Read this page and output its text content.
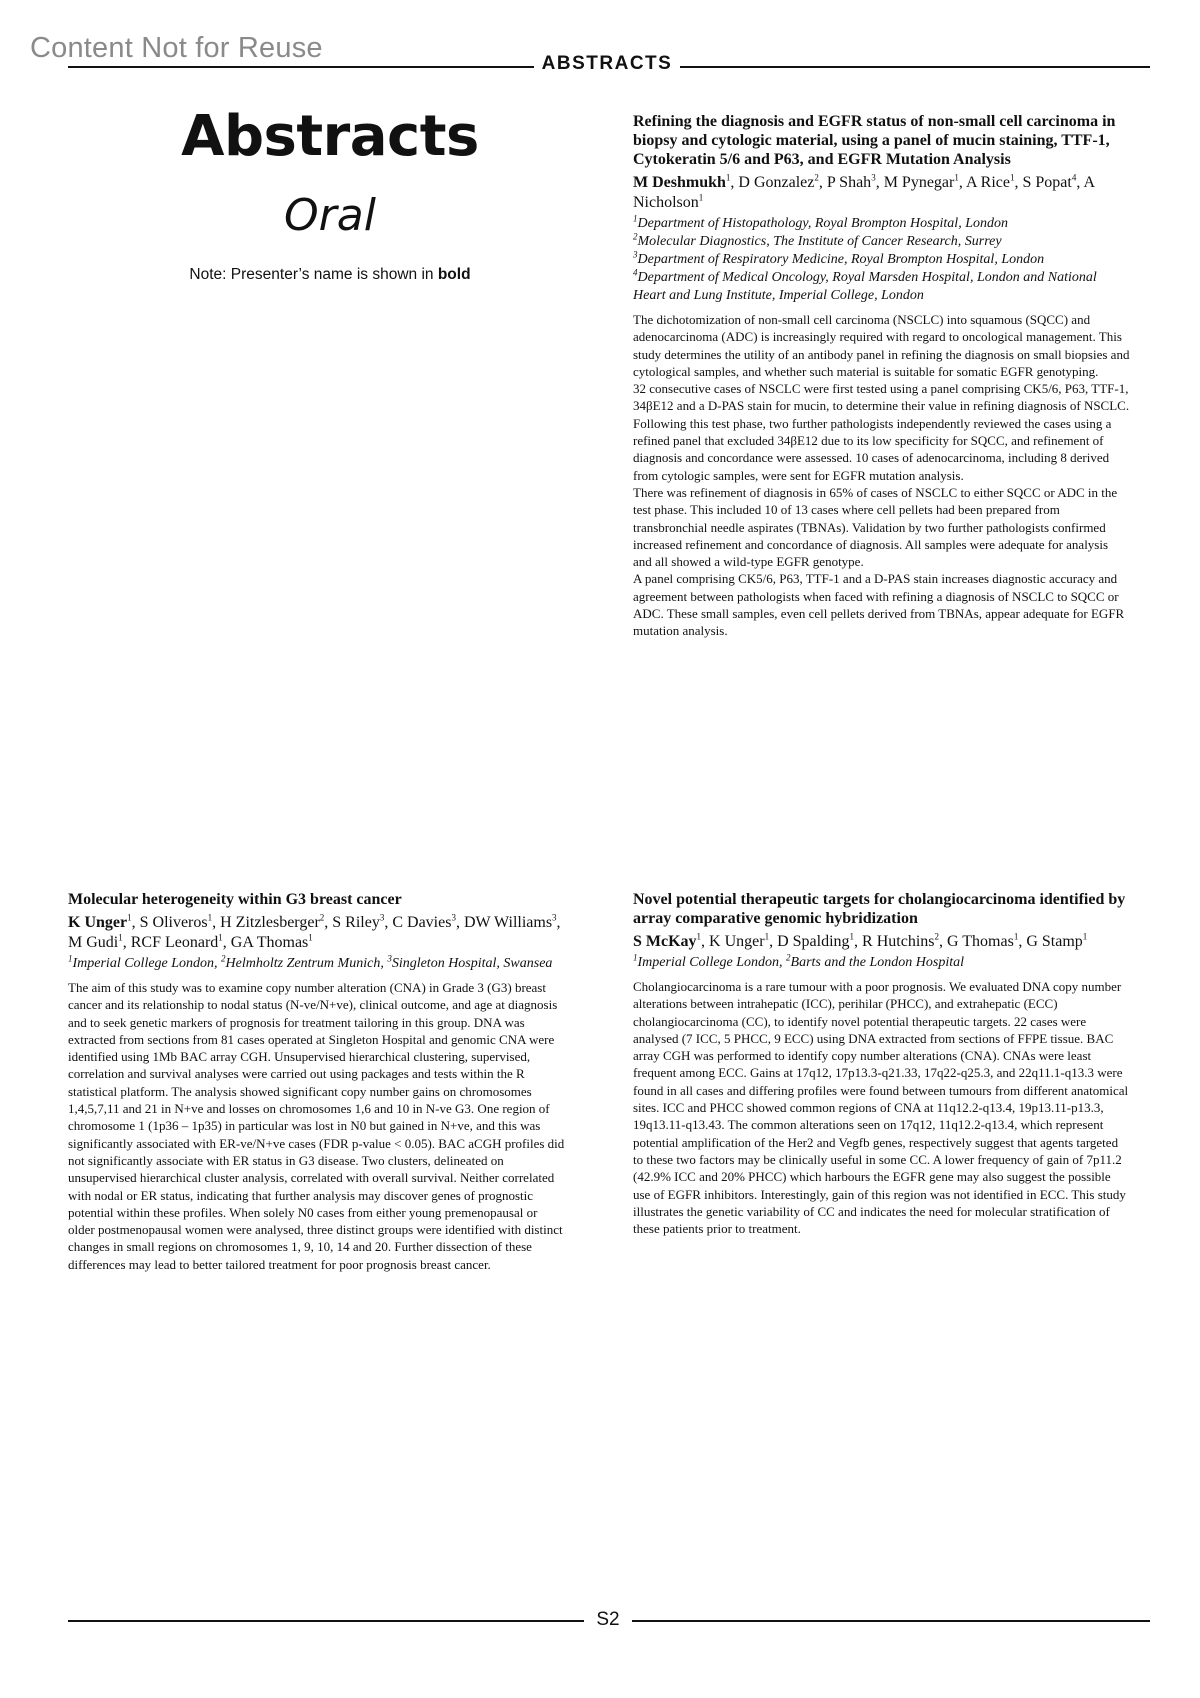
Content Not for Reuse	ABSTRACTS
Abstracts
Oral
Note: Presenter’s name is shown in bold
Refining the diagnosis and EGFR status of non-small cell carcinoma in biopsy and cytologic material, using a panel of mucin staining, TTF-1, Cytokeratin 5/6 and P63, and EGFR Mutation Analysis
M Deshmukh$^1$, D Gonzalez$^2$, P Shah$^3$, M Pynegar$^1$, A Rice$^1$, S Popat$^4$, A Nicholson$^1$
$^1$Department of Histopathology, Royal Brompton Hospital, London
$^2$Molecular Diagnostics, The Institute of Cancer Research, Surrey
$^3$Department of Respiratory Medicine, Royal Brompton Hospital, London
$^4$Department of Medical Oncology, Royal Marsden Hospital, London and National Heart and Lung Institute, Imperial College, London

The dichotomization of non-small cell carcinoma (NSCLC) into squamous (SQCC) and adenocarcinoma (ADC) is increasingly required with regard to oncological management. This study determines the utility of an antibody panel in refining the diagnosis on small biopsies and cytological samples, and whether such material is suitable for somatic EGFR genotyping.

32 consecutive cases of NSCLC were first tested using a panel comprising CK5/6, P63, TTF-1, 34βE12 and a D-PAS stain for mucin, to determine their value in refining diagnosis of NSCLC. Following this test phase, two further pathologists independently reviewed the cases using a refined panel that excluded 34βE12 due to its low specificity for SQCC, and refinement of diagnosis and concordance were assessed. 10 cases of adenocarcinoma, including 8 derived from cytologic samples, were sent for EGFR mutation analysis.

There was refinement of diagnosis in 65% of cases of NSCLC to either SQCC or ADC in the test phase. This included 10 of 13 cases where cell pellets had been prepared from transbronchial needle aspirates (TBNAs). Validation by two further pathologists confirmed increased refinement and concordance of diagnosis. All samples were adequate for analysis and all showed a wild-type EGFR genotype.

A panel comprising CK5/6, P63, TTF-1 and a D-PAS stain increases diagnostic accuracy and agreement between pathologists when faced with refining a diagnosis of NSCLC to SQCC or ADC. These small samples, even cell pellets derived from TBNAs, appear adequate for EGFR mutation analysis.

Molecular heterogeneity within G3 breast cancer
K Unger$^1$, S Oliveros$^1$, H Zitzlesberger$^2$, S Riley$^3$, C Davies$^3$, DW Williams$^3$, M Gudi$^1$, RCF Leonard$^1$, GA Thomas$^1$
$^1$Imperial College London, $^2$Helmholtz Zentrum Munich, $^3$Singleton Hospital, Swansea

The aim of this study was to examine copy number alteration (CNA) in Grade 3 (G3) breast cancer and its relationship to nodal status (N-ve/N+ve), clinical outcome, and age at diagnosis and to seek genetic markers of prognosis for treatment tailoring in this group. DNA was extracted from sections from 81 cases operated at Singleton Hospital and genomic CNA were identified using 1Mb BAC array CGH. Unsupervised hierarchical clustering, supervised, correlation and survival analyses were carried out using packages and tests within the R statistical platform. The analysis showed significant copy number gains on chromosomes 1,4,5,7,11 and 21 in N+ve and losses on chromosomes 1,6 and 10 in N-ve G3. One region of chromosome 1 (1p36 – 1p35) in particular was lost in N0 but gained in N+ve, and this was significantly associated with ER-ve/N+ve cases (FDR p-value < 0.05). BAC aCGH profiles did not significantly associate with ER status in G3 disease. Two clusters, delineated on unsupervised hierarchical cluster analysis, correlated with overall survival. Neither correlated with nodal or ER status, indicating that further analysis may discover genes of prognostic potential within these profiles. When solely N0 cases from either young premenopausal or older postmenopausal women were analysed, three distinct groups were identified with distinct changes in small regions on chromosomes 1, 9, 10, 14 and 20. Further dissection of these differences may lead to better tailored treatment for poor prognosis breast cancer.

Novel potential therapeutic targets for cholangiocarcinoma identified by array comparative genomic hybridization
S McKay$^1$, K Unger$^1$, D Spalding$^1$, R Hutchins$^2$, G Thomas$^1$, G Stamp$^1$
$^1$Imperial College London, $^2$Barts and the London Hospital

Cholangiocarcinoma is a rare tumour with a poor prognosis. We evaluated DNA copy number alterations between intrahepatic (ICC), perihilar (PHCC), and extrahepatic (ECC) cholangiocarcinoma (CC), to identify novel potential therapeutic targets. 22 cases were analysed (7 ICC, 5 PHCC, 9 ECC) using DNA extracted from sections of FFPE tissue. BAC array CGH was performed to identify copy number alterations (CNA). CNAs were least frequent among ECC. Gains at 17q12, 17p13.3-q21.33, 17q22-q25.3, and 22q11.1-q13.3 were found in all cases and differing profiles were found between tumours from different anatomical sites. ICC and PHCC showed common regions of CNA at 11q12.2-q13.4, 19p13.11-p13.3, 19q13.11-q13.43. The common alterations seen on 17q12, 11q12.2-q13.4, which represent potential amplification of the Her2 and Vegfb genes, respectively suggest that agents targeted to these two factors may be clinically useful in some CC. A lower frequency of gain of 7p11.2 (42.9% ICC and 20% PHCC) which harbours the EGFR gene may also suggest the possible use of EGFR inhibitors. Interestingly, gain of this region was not identified in ECC. This study illustrates the genetic variability of CC and indicates the need for molecular stratification of these patients prior to treatment.

S2
